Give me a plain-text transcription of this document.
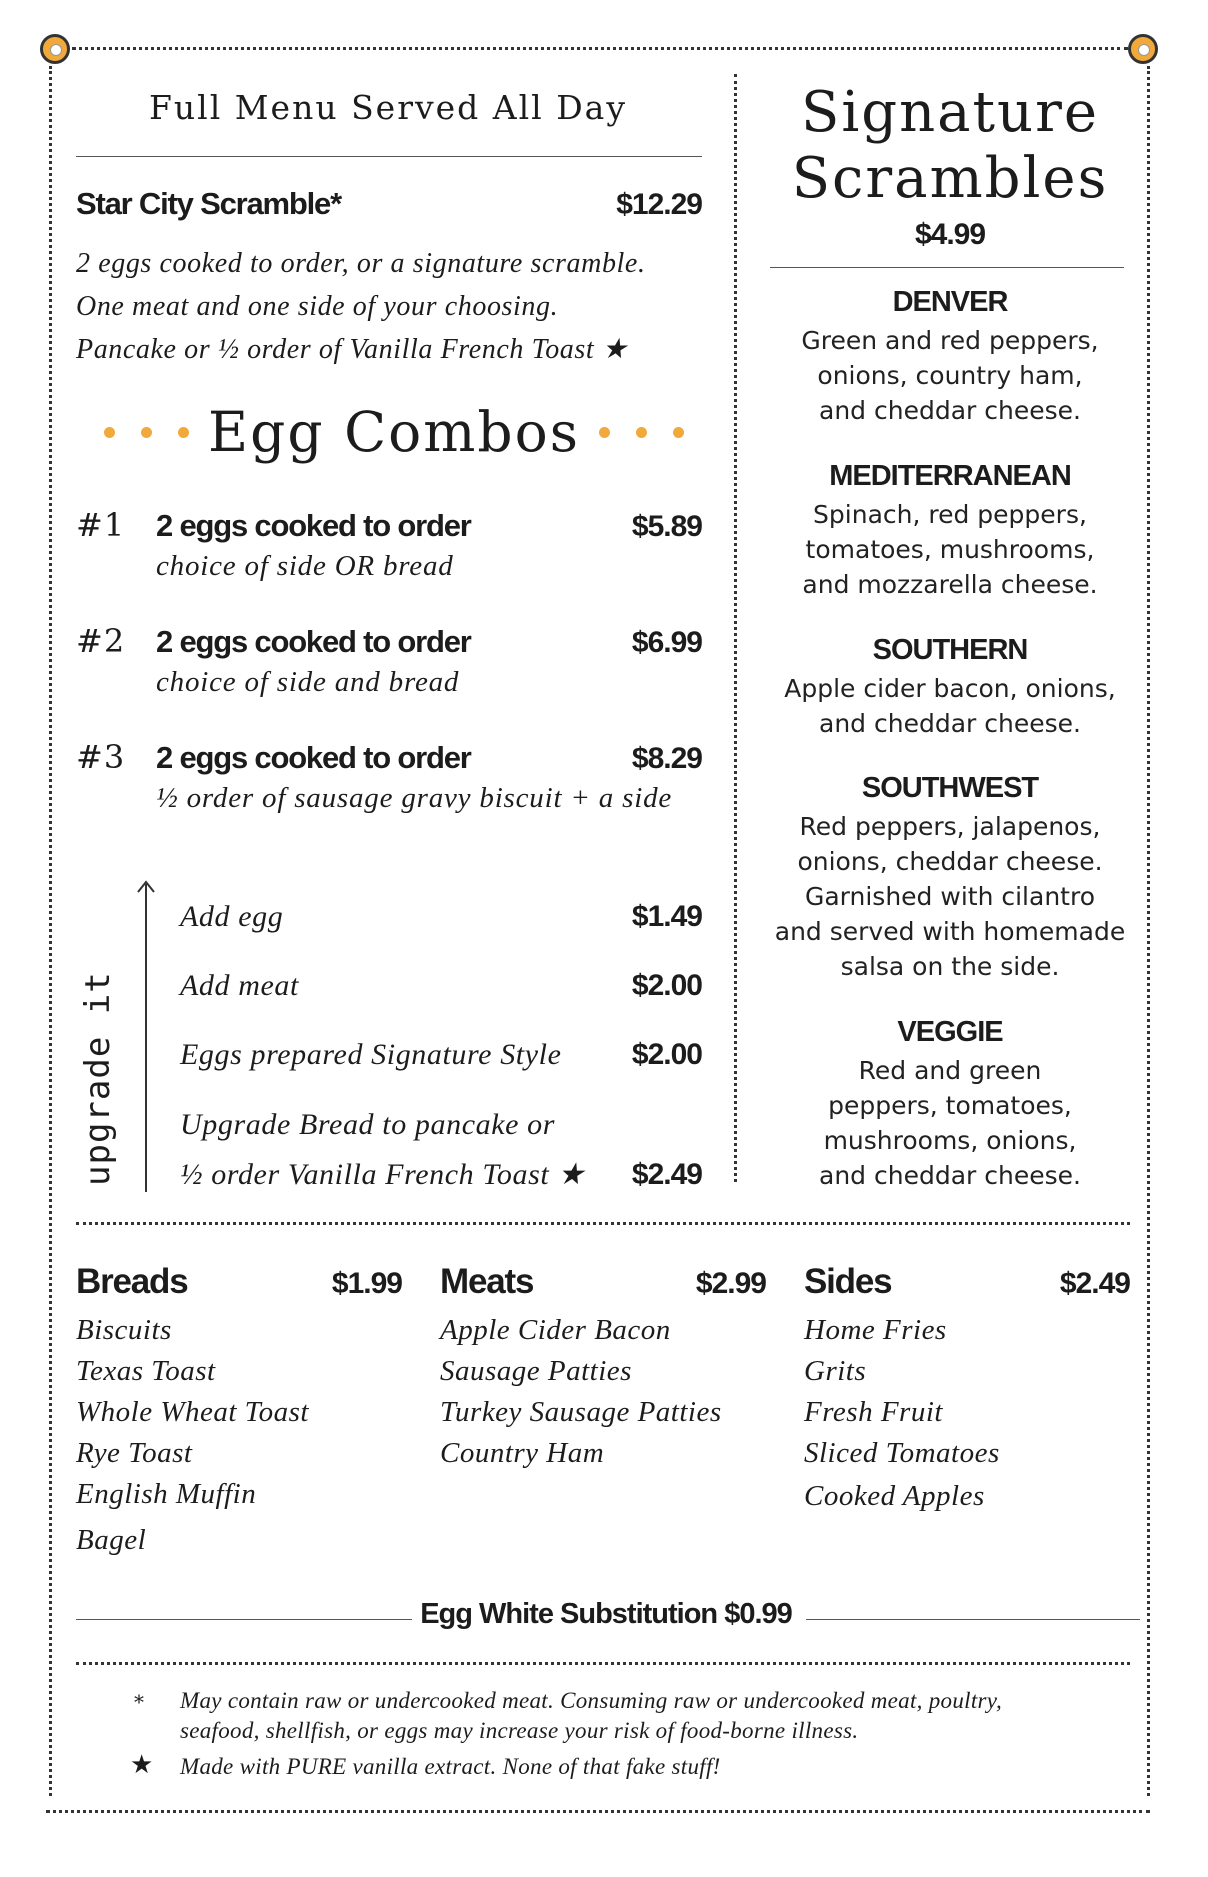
Full Menu Served All Day
Star City Scramble*	$12.29
2 eggs cooked to order, or a signature scramble.
One meat and one side of your choosing.
Pancake or ½ order of Vanilla French Toast ★
Egg Combos
#1 2 eggs cooked to order	$5.89
choice of side OR bread
#2 2 eggs cooked to order	$6.99
choice of side and bread
#3 2 eggs cooked to order	$8.29
½ order of sausage gravy biscuit + a side
upgrade it
Add egg	$1.49
Add meat	$2.00
Eggs prepared Signature Style $2.00
Upgrade Bread to pancake or
½ order Vanilla French Toast ★ $2.49
Signature
Scrambles
$4.99
DENVER
Green and red peppers,
onions, country ham,
and cheddar cheese.
MEDITERRANEAN
Spinach, red peppers,
tomatoes, mushrooms,
and mozzarella cheese.
SOUTHERN
Apple cider bacon, onions,
and cheddar cheese.
SOUTHWEST
Red peppers, jalapenos,
onions, cheddar cheese.
Garnished with cilantro
and served with homemade
salsa on the side.
VEGGIE
Red and green
peppers, tomatoes,
mushrooms, onions,
and cheddar cheese.
Breads	$1.99
Biscuits
Texas Toast
Whole Wheat Toast
Rye Toast
English Muffin
Bagel
Meats	$2.99
Apple Cider Bacon
Sausage Patties
Turkey Sausage Patties
Country Ham
Sides	$2.49
Home Fries
Grits
Fresh Fruit
Sliced Tomatoes
Cooked Apples
Egg White Substitution $0.99
* May contain raw or undercooked meat. Consuming raw or undercooked meat, poultry,
seafood, shellfish, or eggs may increase your risk of food-borne illness.
★ Made with PURE vanilla extract. None of that fake stuff!
